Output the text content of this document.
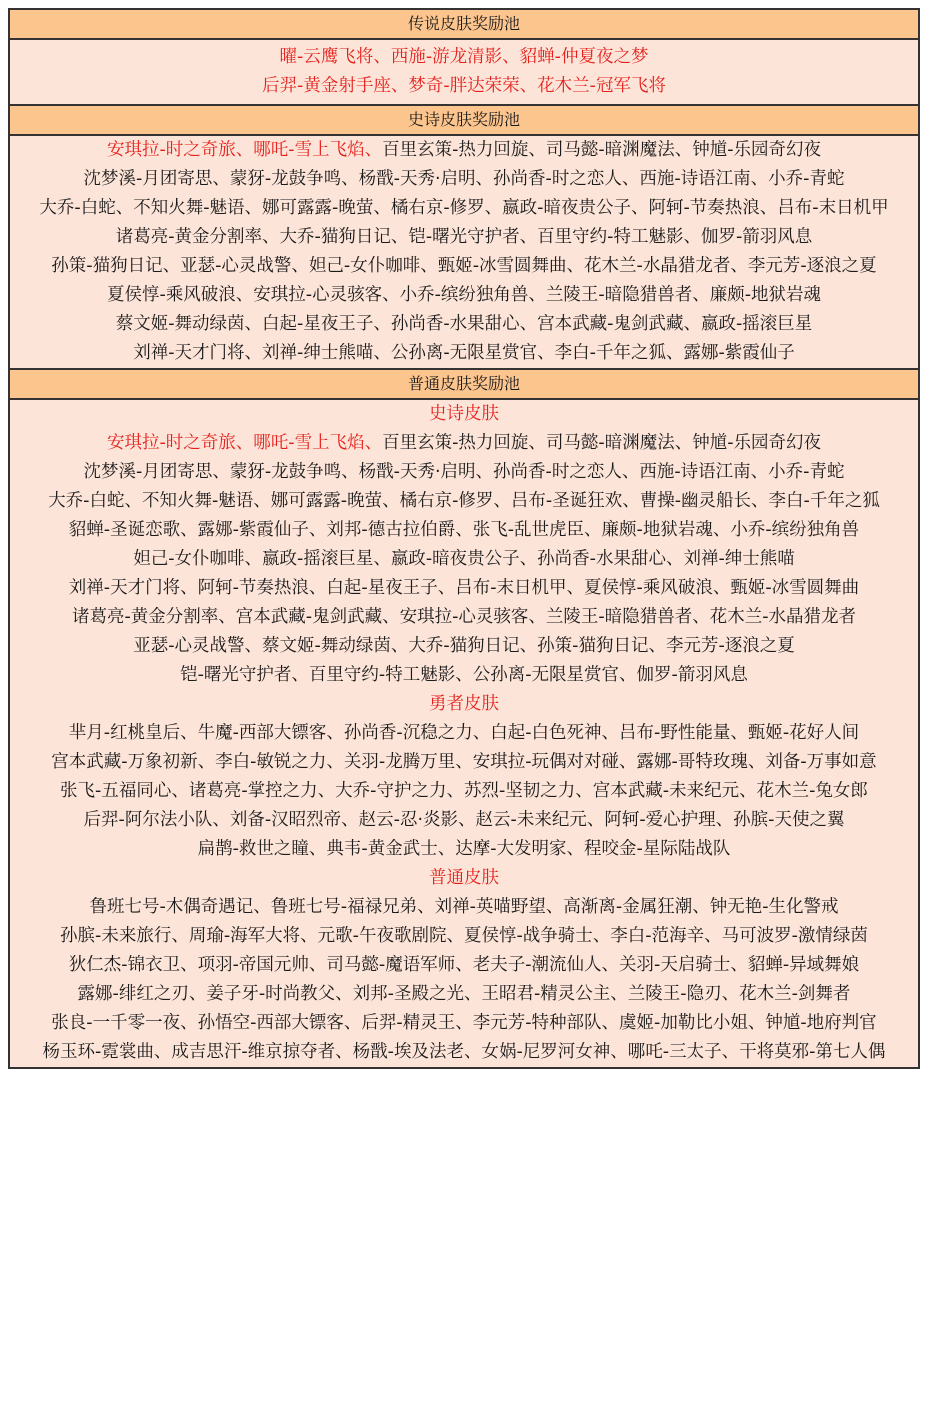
传说皮肤奖励池
曜-云鹰飞将、西施-游龙清影、貂蝉-仲夏夜之梦
后羿-黄金射手座、梦奇-胖达荣荣、花木兰-冠军飞将
史诗皮肤奖励池
安琪拉-时之奇旅、哪吒-雪上飞焰、百里玄策-热力回旋、司马懿-暗渊魔法、钟馗-乐园奇幻夜
沈梦溪-月团寄思、蒙犽-龙鼓争鸣、杨戬-天秀·启明、孙尚香-时之恋人、西施-诗语江南、小乔-青蛇
大乔-白蛇、不知火舞-魅语、娜可露露-晚萤、橘右京-修罗、嬴政-暗夜贵公子、阿轲-节奏热浪、吕布-末日机甲
诸葛亮-黄金分割率、大乔-猫狗日记、铠-曙光守护者、百里守约-特工魅影、伽罗-箭羽风息
孙策-猫狗日记、亚瑟-心灵战警、妲己-女仆咖啡、甄姬-冰雪圆舞曲、花木兰-水晶猎龙者、李元芳-逐浪之夏
夏侯惇-乘风破浪、安琪拉-心灵骇客、小乔-缤纷独角兽、兰陵王-暗隐猎兽者、廉颇-地狱岩魂
蔡文姬-舞动绿茵、白起-星夜王子、孙尚香-水果甜心、宫本武藏-鬼剑武藏、嬴政-摇滚巨星
刘禅-天才门将、刘禅-绅士熊喵、公孙离-无限星赏官、李白-千年之狐、露娜-紫霞仙子
普通皮肤奖励池
史诗皮肤
安琪拉-时之奇旅、哪吒-雪上飞焰、百里玄策-热力回旋、司马懿-暗渊魔法、钟馗-乐园奇幻夜
沈梦溪-月团寄思、蒙犽-龙鼓争鸣、杨戬-天秀·启明、孙尚香-时之恋人、西施-诗语江南、小乔-青蛇
大乔-白蛇、不知火舞-魅语、娜可露露-晚萤、橘右京-修罗、吕布-圣诞狂欢、曹操-幽灵船长、李白-千年之狐
貂蝉-圣诞恋歌、露娜-紫霞仙子、刘邦-德古拉伯爵、张飞-乱世虎臣、廉颇-地狱岩魂、小乔-缤纷独角兽
妲己-女仆咖啡、嬴政-摇滚巨星、嬴政-暗夜贵公子、孙尚香-水果甜心、刘禅-绅士熊喵
刘禅-天才门将、阿轲-节奏热浪、白起-星夜王子、吕布-末日机甲、夏侯惇-乘风破浪、甄姬-冰雪圆舞曲
诸葛亮-黄金分割率、宫本武藏-鬼剑武藏、安琪拉-心灵骇客、兰陵王-暗隐猎兽者、花木兰-水晶猎龙者
亚瑟-心灵战警、蔡文姬-舞动绿茵、大乔-猫狗日记、孙策-猫狗日记、李元芳-逐浪之夏
铠-曙光守护者、百里守约-特工魅影、公孙离-无限星赏官、伽罗-箭羽风息
勇者皮肤
芈月-红桃皇后、牛魔-西部大镖客、孙尚香-沉稳之力、白起-白色死神、吕布-野性能量、甄姬-花好人间
宫本武藏-万象初新、李白-敏锐之力、关羽-龙腾万里、安琪拉-玩偶对对碰、露娜-哥特玫瑰、刘备-万事如意
张飞-五福同心、诸葛亮-掌控之力、大乔-守护之力、苏烈-坚韧之力、宫本武藏-未来纪元、花木兰-兔女郎
后羿-阿尔法小队、刘备-汉昭烈帝、赵云-忍·炎影、赵云-未来纪元、阿轲-爱心护理、孙膑-天使之翼
扁鹊-救世之瞳、典韦-黄金武士、达摩-大发明家、程咬金-星际陆战队
普通皮肤
鲁班七号-木偶奇遇记、鲁班七号-福禄兄弟、刘禅-英喵野望、高渐离-金属狂潮、钟无艳-生化警戒
孙膑-未来旅行、周瑜-海军大将、元歌-午夜歌剧院、夏侯惇-战争骑士、李白-范海辛、马可波罗-激情绿茵
狄仁杰-锦衣卫、项羽-帝国元帅、司马懿-魔语军师、老夫子-潮流仙人、关羽-天启骑士、貂蝉-异域舞娘
露娜-绯红之刃、姜子牙-时尚教父、刘邦-圣殿之光、王昭君-精灵公主、兰陵王-隐刃、花木兰-剑舞者
张良-一千零一夜、孙悟空-西部大镖客、后羿-精灵王、李元芳-特种部队、虞姬-加勒比小姐、钟馗-地府判官
杨玉环-霓裳曲、成吉思汗-维京掠夺者、杨戬-埃及法老、女娲-尼罗河女神、哪吒-三太子、干将莫邪-第七人偶
